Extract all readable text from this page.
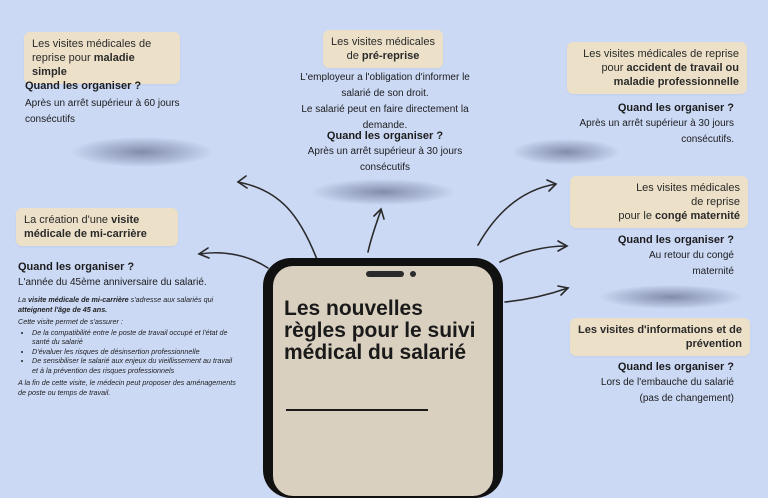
Les visites médicales de reprise pour maladie simple
Quand les organiser ?
Après un arrêt supérieur à 60 jours consécutifs
Les visites médicales
de pré-reprise
L'employeur a l'obligation d'informer le
salarié de son droit.
Le salarié peut en faire directement la
demande.
Quand les organiser ?
Après un arrêt supérieur à 30 jours
consécutifs
Les visites médicales de reprise
pour accident de travail ou
maladie professionnelle
Quand les organiser ?
Après un arrêt supérieur à 30 jours
consécutifs.
La création d'une visite
médicale de mi-carrière
Quand les organiser ?
L'année du 45ème anniversaire du salarié.
La visite médicale de mi-carrière s'adresse aux salariés qui atteignent l'âge de 45 ans.
Cette visite permet de s'assurer :
• De la compatibilité entre le poste de travail occupé et l'état de santé du salarié
• D'évaluer les risques de désinsertion professionnelle
• De sensibiliser le salarié aux enjeux du vieillissement au travail et à la prévention des risques professionnels
A la fin de cette visite, le médecin peut proposer des aménagements de poste ou temps de travail.
Les visites médicales
de reprise
pour le congé maternité
Quand les organiser ?
Au retour du congé
maternité
Les visites d'informations et de
prévention
Quand les organiser ?
Lors de l'embauche du salarié
(pas de changement)
Les nouvelles règles pour le suivi médical du salarié
